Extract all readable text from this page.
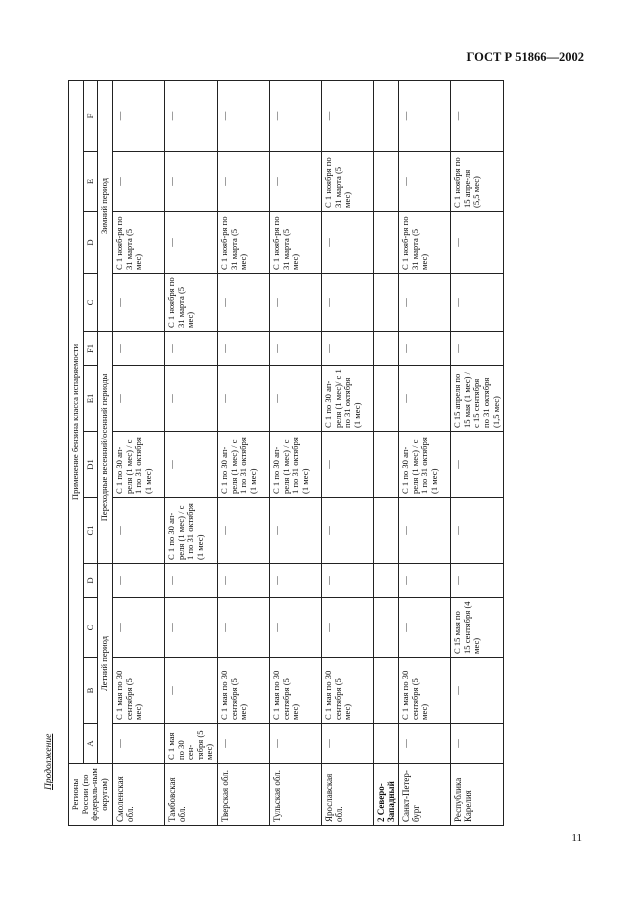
ГОСТ Р 51866—2002
Продолжение
Регионы России (по федераль-ным округам)	Применение бензина класса испаряемости											
	A	B	C	D	C1	D1	E1	F1	C	D	E	F
	Летний период				Переходные весенний/осенний периоды				Зимний период			
Смоленская обл.	—	С 1 мая по 30 сентября (5 мес)	—	—	—	С 1 по 30 ап-реля (1 мес) / с 1 по 31 октября (1 мес)	—	—	—	С 1 нояб-ря по 31 марта (5 мес)	—	—
Тамбовская обл.	С 1 мая по 30 сен-тября (5 мес)	—	—	—	С 1 по 30 ап-реля (1 мес) / с 1 по 31 октября (1 мес)	—	—	—	С 1 ноября по 31 марта (5 мес)	—	—	—
Тверская обл.	—	С 1 мая по 30 сентября (5 мес)	—	—	—	С 1 по 30 ап-реля (1 мес) / с 1 по 31 октября (1 мес)	—	—	—	С 1 нояб-ря по 31 марта (5 мес)	—	—
Тульская обл.	—	С 1 мая по 30 сентября (5 мес)	—	—	—	С 1 по 30 ап-реля (1 мес) / с 1 по 31 октября (1 мес)	—	—	—	С 1 нояб-ря по 31 марта (5 мес)	—	—
Ярославская обл.	—	С 1 мая по 30 сентября (5 мес)	—	—	—	—	С 1 по 30 ап-реля (1 мес)/ с 1 по 31 октября (1 мес)	—	—	—	С 1 ноября по 31 марта (5 мес)	—
2 Северо-Западный												
Санкт-Петер-бург	—	С 1 мая по 30 сентября (5 мес)	—	—	—	С 1 по 30 ап-реля (1 мес) / с 1 по 31 октября (1 мес)	—	—	—	С 1 нояб-ря по 31 марта (5 мес)	—	—
Республика Карелия	—	—	С 15 мая по 15 сентября (4 мес)	—	—	—	С 15 апреля по 15 мая (1 мес) / с 15 сентября по 31 октября (1,5 мес)	—	—	—	С 1 ноября по 15 апре-ля (5,5 мес)	—
11
